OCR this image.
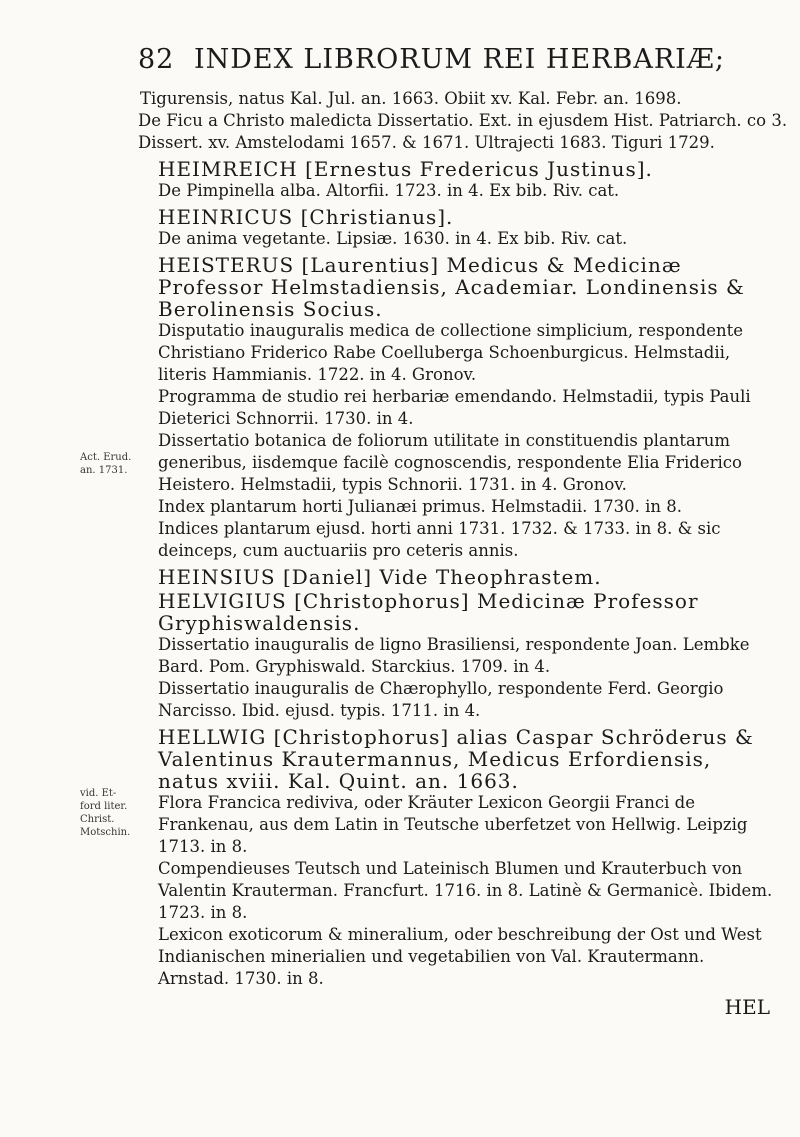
82 INDEX LIBRORUM REI HERBARIÆ;
Act. Erud. an. 1731.
vid. Et-ford liter. Christ. Motschin.
Tigurensis, natus Kal. Jul. an. 1663. Obiit xv. Kal. Febr. an. 1698.
De Ficu a Christo maledicta Dissertatio. Ext. in ejusdem Hist. Patriarch. co 3. Dissert. xv. Amstelodami 1657. & 1671. Ultrajecti 1683. Tiguri 1729.
HEIMREICH [Ernestus Fredericus Justinus].
De Pimpinella alba. Altorfii. 1723. in 4. Ex bib. Riv. cat.
HEINRICUS [Christianus].
De anima vegetante. Lipsiæ. 1630. in 4. Ex bib. Riv. cat.
HEISTERUS [Laurentius] Medicus & Medicinæ Professor Helmstadiensis, Academiar. Londinensis & Berolinensis Socius.
Disputatio inauguralis medica de collectione simplicium, respondente Christiano Friderico Rabe Coelluberga Schoenburgicus. Helmstadii, literis Hammianis. 1722. in 4. Gronov.
Programma de studio rei herbariæ emendando. Helmstadii, typis Pauli Dieterici Schnorrii. 1730. in 4.
Dissertatio botanica de foliorum utilitate in constituendis plantarum generibus, iisdemque facilè cognoscendis, respondente Elia Friderico Heistero. Helmstadii, typis Schnorii. 1731. in 4. Gronov.
Index plantarum horti Julianæi primus. Helmstadii. 1730. in 8.
Indices plantarum ejusd. horti anni 1731. 1732. & 1733. in 8. & sic deinceps, cum auctuariis pro ceteris annis.
HEINSIUS [Daniel] Vide Theophrastem.
HELVIGIUS [Christophorus] Medicinæ Professor Gryphiswaldensis.
Dissertatio inauguralis de ligno Brasiliensi, respondente Joan. Lembke Bard. Pom. Gryphiswald. Starckius. 1709. in 4.
Dissertatio inauguralis de Chærophyllo, respondente Ferd. Georgio Narcisso. Ibid. ejusd. typis. 1711. in 4.
HELLWIG [Christophorus] alias Caspar Schröderus & Valentinus Krautermannus, Medicus Erfordiensis, natus xviii. Kal. Quint. an. 1663.
Flora Francica rediviva, oder Kräuter Lexicon Georgii Franci de Frankenau, aus dem Latin in Teutsche uberfetzet von Hellwig. Leipzig 1713. in 8.
Compendieuses Teutsch und Lateinisch Blumen und Krauterbuch von Valentin Krauterman. Francfurt. 1716. in 8. Latinè & Germanicè. Ibidem. 1723. in 8.
Lexicon exoticorum & mineralium, oder beschreibung der Ost und West Indianischen minerialien und vegetabilien von Val. Krautermann. Arnstad. 1730. in 8.
HEL
